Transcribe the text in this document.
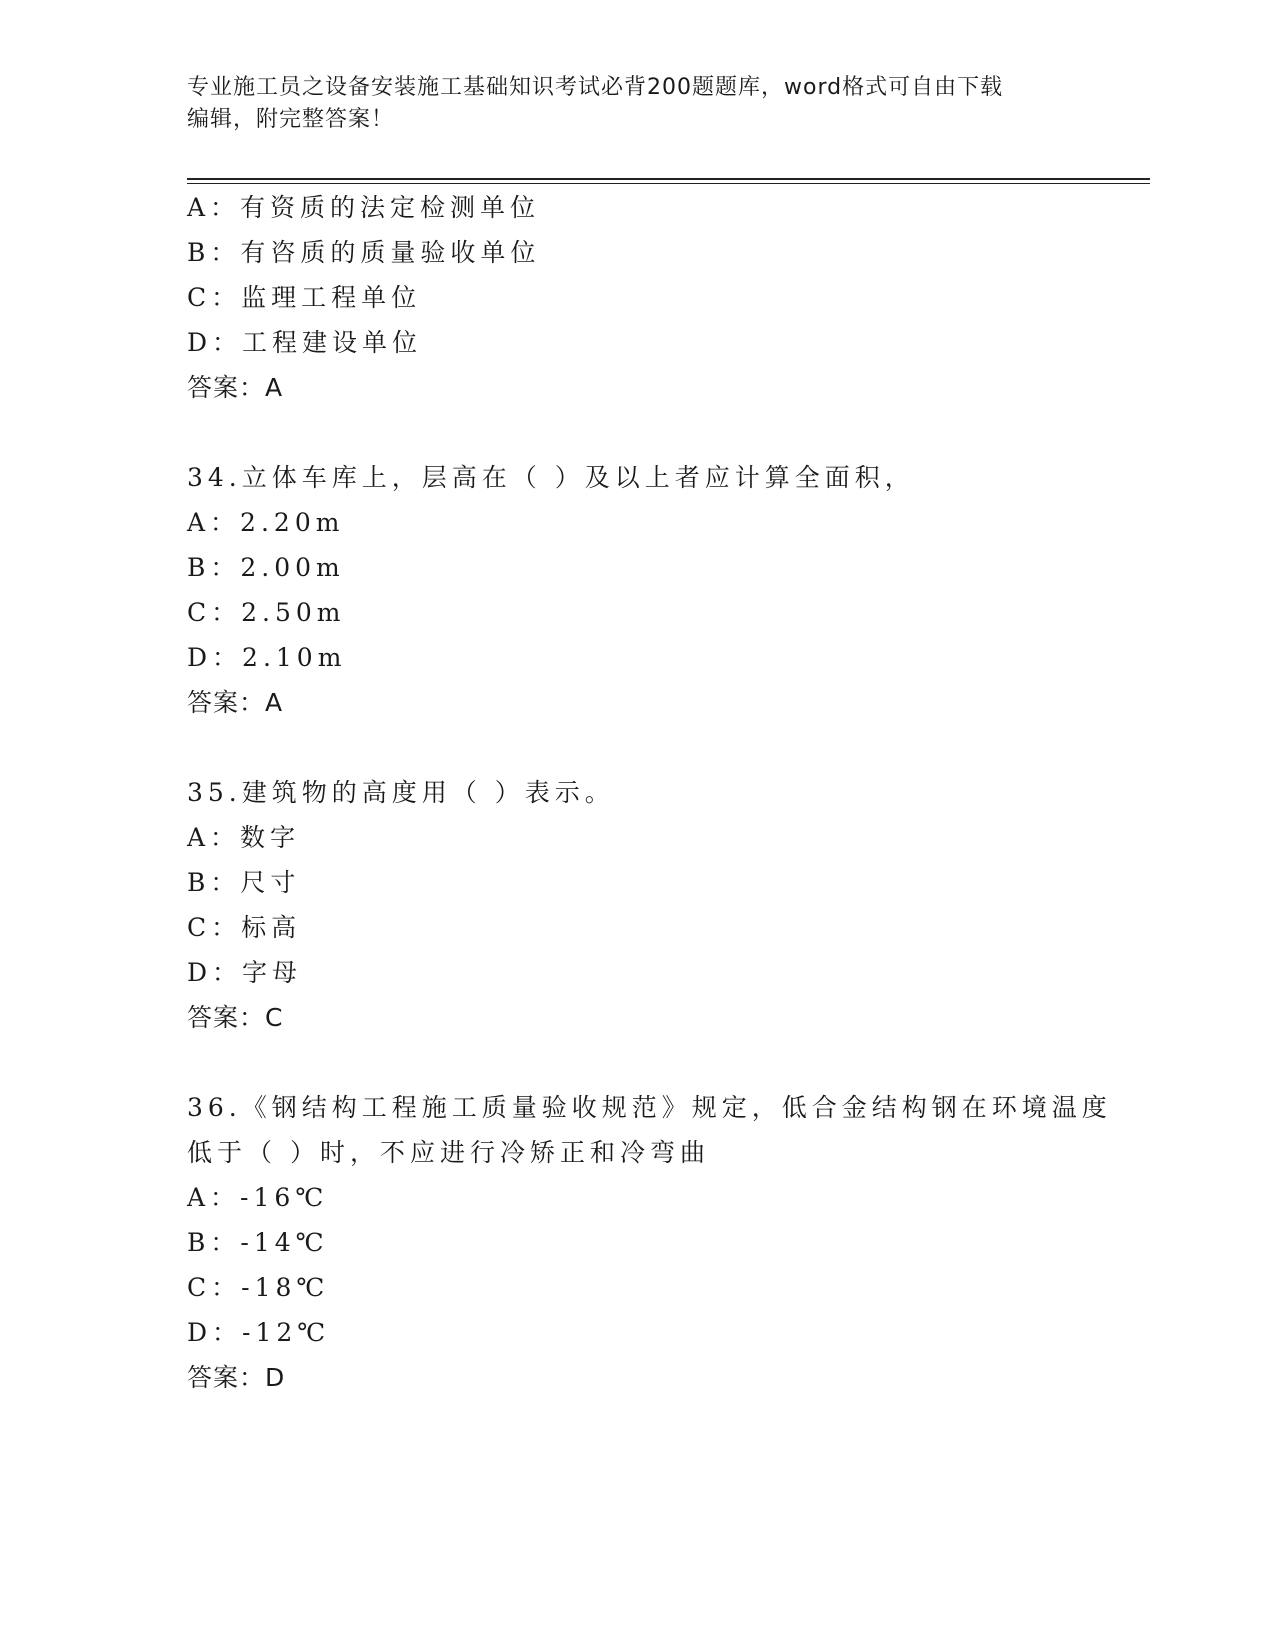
专业施工员之设备安装施工基础知识考试必背200题题库，word格式可自由下载
编辑，附完整答案！
A：有资质的法定检测单位
B：有咨质的质量验收单位
C：监理工程单位
D：工程建设单位
答案：A
34.立体车库上，层高在（ ）及以上者应计算全面积，
A：2.20m
B：2.00m
C：2.50m
D：2.10m
答案：A
35.建筑物的高度用（ ）表示。
A：数字
B：尺寸
C：标高
D：字母
答案：C
36.《钢结构工程施工质量验收规范》规定，低合金结构钢在环境温度
低于（ ）时，不应进行冷矫正和冷弯曲
A：-16℃
B：-14℃
C：-18℃
D：-12℃
答案：D
